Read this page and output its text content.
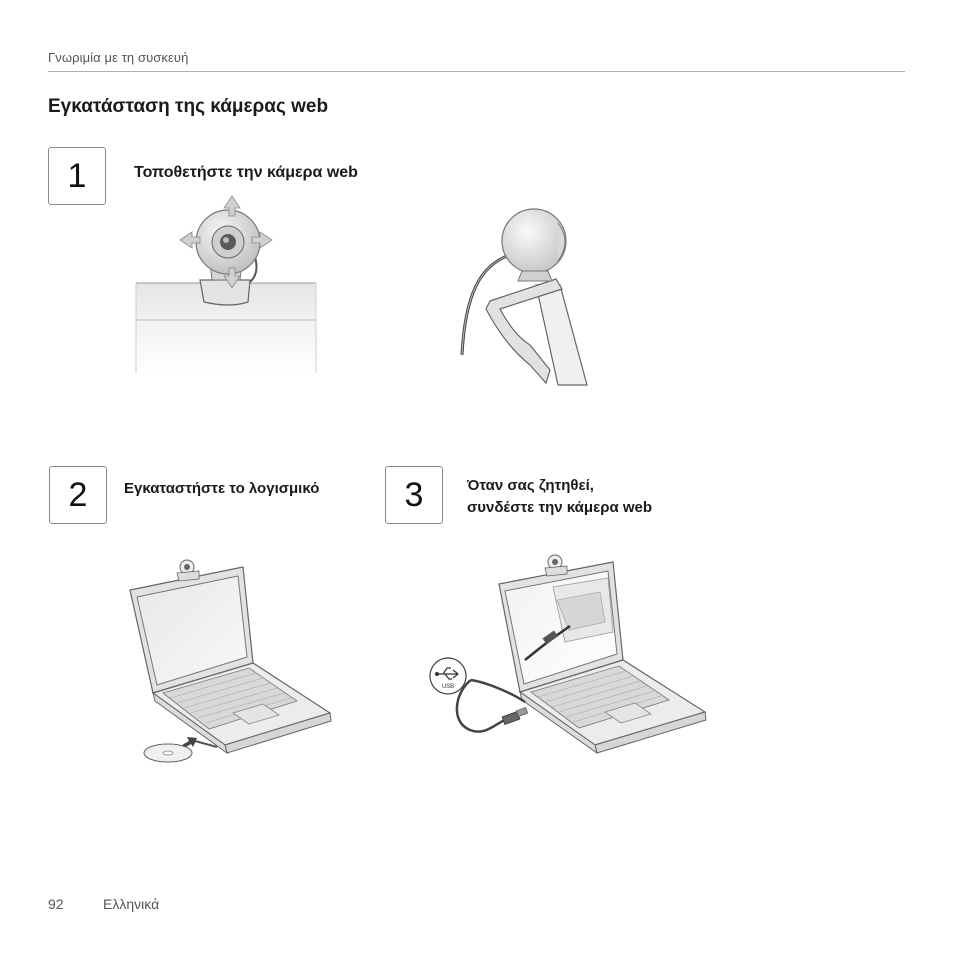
Γνωριμία με τη συσκευή
Εγκατάσταση της κάμερας web
1	Τοποθετήστε την κάμερα web
2 Εγκαταστήστε το λογισμικό	3	Όταν σας ζητηθεί,
συνδέστε την κάμερα web
USB
92	Ελληνικά
